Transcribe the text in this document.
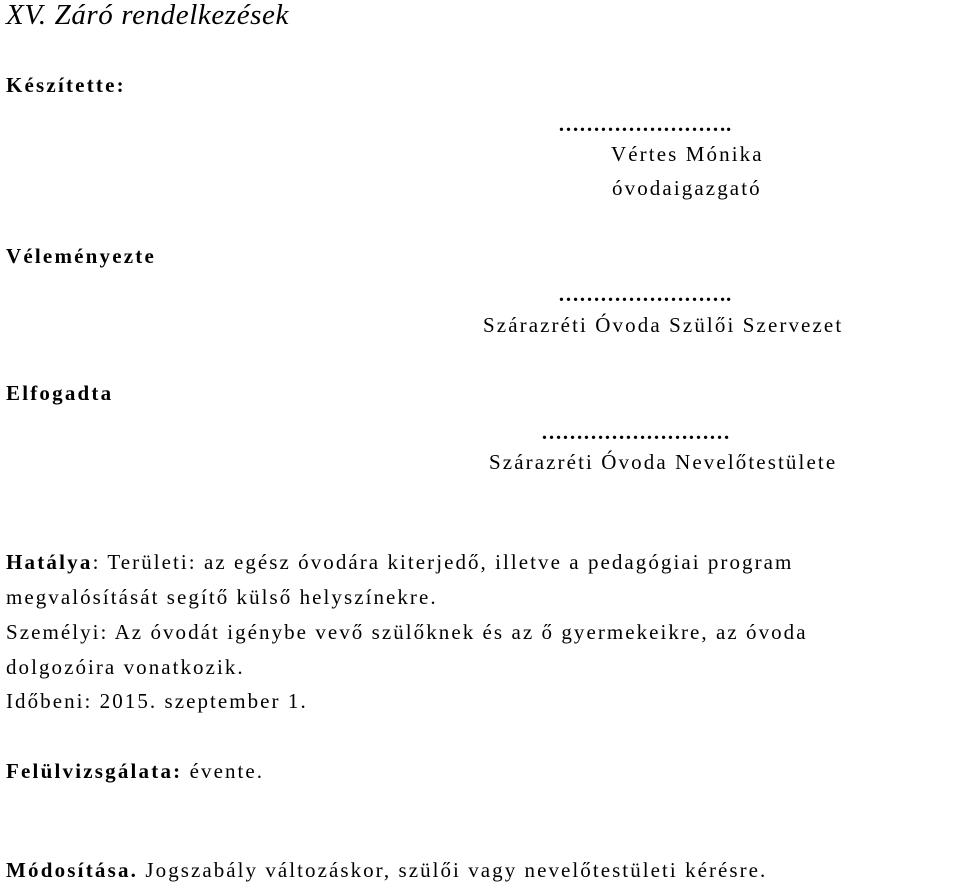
XV. Záró rendelkezések
Készítette:
…………………….
Vértes Mónika
óvodaigazgató
Véleményezte
…………………….
Szárazréti Óvoda Szülői Szervezet
Elfogadta
………………………
Szárazréti Óvoda Nevelőtestülete
Hatálya: Területi: az egész óvodára kiterjedő, illetve a pedagógiai program
megvalósítását segítő külső helyszínekre.
Személyi: Az óvodát igénybe vevő szülőknek és az ő gyermekeikre, az óvoda
dolgozóira vonatkozik.
Időbeni: 2015. szeptember 1.
Felülvizsgálata: évente.
Módosítása. Jogszabály változáskor, szülői vagy nevelőtestületi kérésre.
